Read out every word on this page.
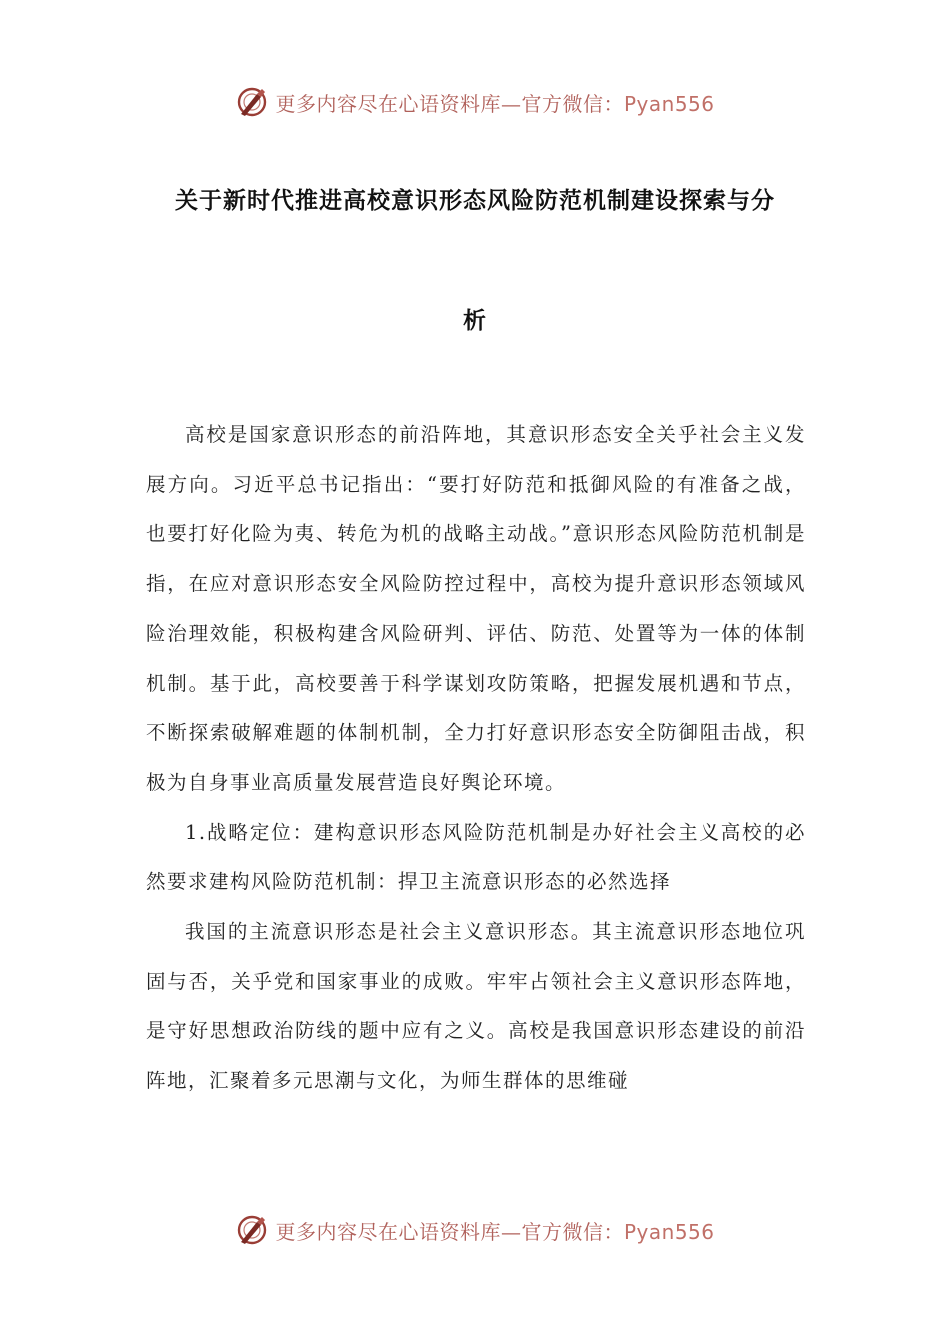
更多内容尽在心语资料库—官方微信：Pyan556
关于新时代推进高校意识形态风险防范机制建设探索与分
析

高校是国家意识形态的前沿阵地，其意识形态安全关乎社会主义发展方向。习近平总书记指出：“要打好防范和抵御风险的有准备之战，也要打好化险为夷、转危为机的战略主动战。”意识形态风险防范机制是指，在应对意识形态安全风险防控过程中，高校为提升意识形态领域风险治理效能，积极构建含风险研判、评估、防范、处置等为一体的体制机制。基于此，高校要善于科学谋划攻防策略，把握发展机遇和节点，不断探索破解难题的体制机制，全力打好意识形态安全防御阻击战，积极为自身事业高质量发展营造良好舆论环境。

1.战略定位：建构意识形态风险防范机制是办好社会主义高校的必然要求建构风险防范机制：捍卫主流意识形态的必然选择

我国的主流意识形态是社会主义意识形态。其主流意识形态地位巩固与否，关乎党和国家事业的成败。牢牢占领社会主义意识形态阵地，是守好思想政治防线的题中应有之义。高校是我国意识形态建设的前沿阵地，汇聚着多元思潮与文化，为师生群体的思维碰

更多内容尽在心语资料库—官方微信：Pyan556
